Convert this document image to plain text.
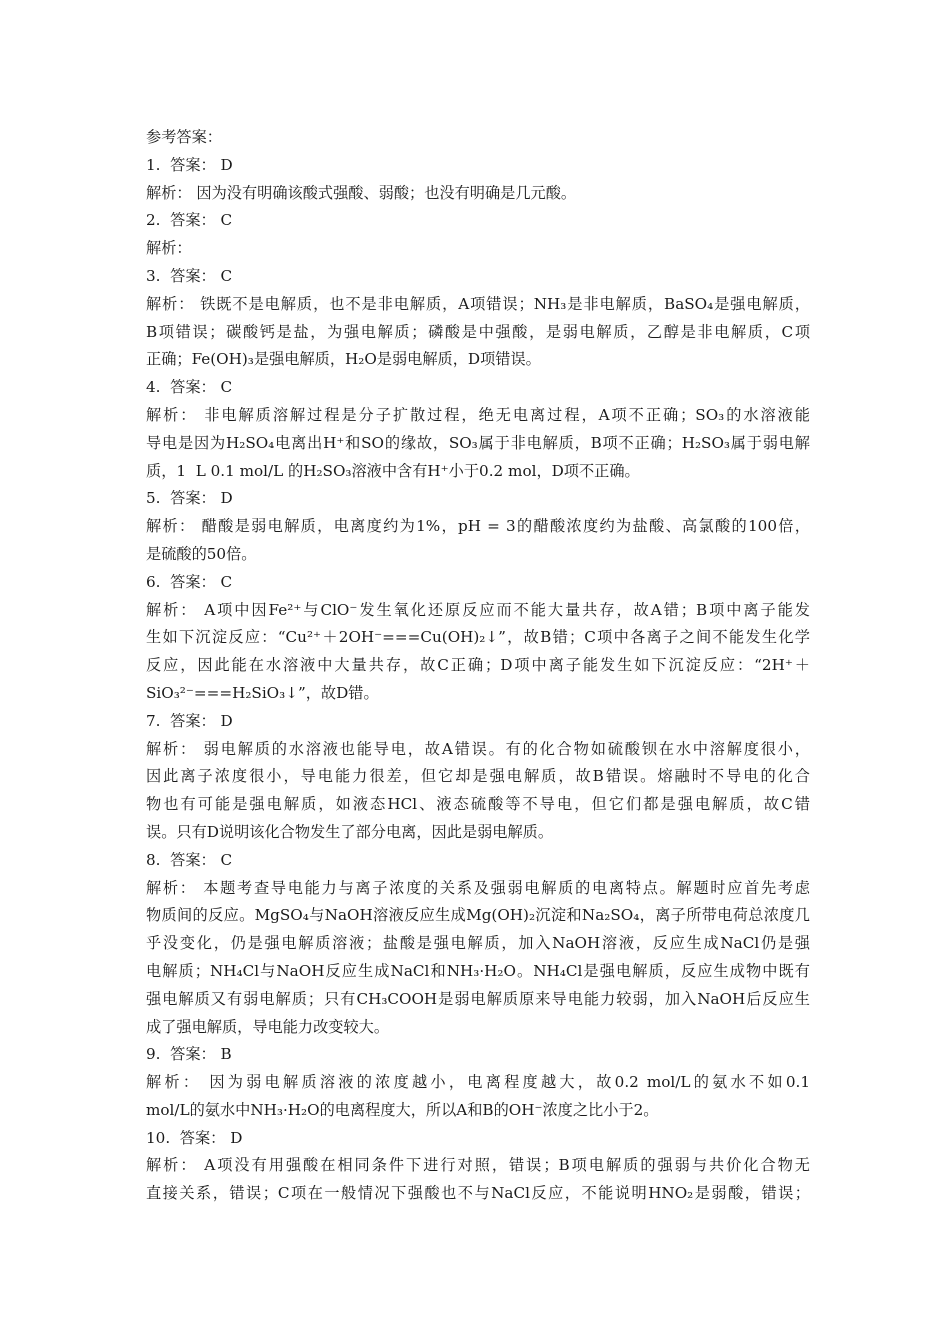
参考答案：
1.  答案： D
解析： 因为没有明确该酸式强酸、弱酸；也没有明确是几元酸。
2.  答案： C
解析：
3.  答案： C
解析： 铁既不是电解质，也不是非电解质，A项错误；NH₃是非电解质，BaSO₄是强电解质，
B项错误；碳酸钙是盐，为强电解质；磷酸是中强酸，是弱电解质，乙醇是非电解质，C项
正确；Fe(OH)₃是强电解质，H₂O是弱电解质，D项错误。
4.  答案： C
解析： 非电解质溶解过程是分子扩散过程，绝无电离过程，A项不正确；SO₃的水溶液能
导电是因为H₂SO₄电离出H⁺和SO的缘故，SO₃属于非电解质，B项不正确；H₂SO₃属于弱电解
质，1  L 0.1 mol/L 的H₂SO₃溶液中含有H⁺小于0.2 mol，D项不正确。
5.  答案： D
解析： 醋酸是弱电解质，电离度约为1%，pH = 3的醋酸浓度约为盐酸、高氯酸的100倍，
是硫酸的50倍。
6.  答案： C
解析： A项中因Fe²⁺与ClO⁻发生氧化还原反应而不能大量共存，故A错；B项中离子能发
生如下沉淀反应：“Cu²⁺＋2OH⁻===Cu(OH)₂↓”，故B错；C项中各离子之间不能发生化学
反应，因此能在水溶液中大量共存，故C正确；D项中离子能发生如下沉淀反应：“2H⁺＋
SiO₃²⁻===H₂SiO₃↓”，故D错。
7.  答案： D
解析： 弱电解质的水溶液也能导电，故A错误。有的化合物如硫酸钡在水中溶解度很小，
因此离子浓度很小，导电能力很差，但它却是强电解质，故B错误。熔融时不导电的化合
物也有可能是强电解质，如液态HCl、液态硫酸等不导电，但它们都是强电解质，故C错
误。只有D说明该化合物发生了部分电离，因此是弱电解质。
8.  答案： C
解析： 本题考查导电能力与离子浓度的关系及强弱电解质的电离特点。解题时应首先考虑
物质间的反应。MgSO₄与NaOH溶液反应生成Mg(OH)₂沉淀和Na₂SO₄，离子所带电荷总浓度几
乎没变化，仍是强电解质溶液；盐酸是强电解质，加入NaOH溶液，反应生成NaCl仍是强
电解质；NH₄Cl与NaOH反应生成NaCl和NH₃·H₂O。NH₄Cl是强电解质，反应生成物中既有
强电解质又有弱电解质；只有CH₃COOH是弱电解质原来导电能力较弱，加入NaOH后反应生
成了强电解质，导电能力改变较大。
9.  答案： B
解析： 因为弱电解质溶液的浓度越小，电离程度越大，故0.2 mol/L的氨水不如0.1
mol/L的氨水中NH₃·H₂O的电离程度大，所以A和B的OH⁻浓度之比小于2。
10.  答案： D
解析： A项没有用强酸在相同条件下进行对照，错误；B项电解质的强弱与共价化合物无
直接关系，错误；C项在一般情况下强酸也不与NaCl反应，不能说明HNO₂是弱酸，错误；
